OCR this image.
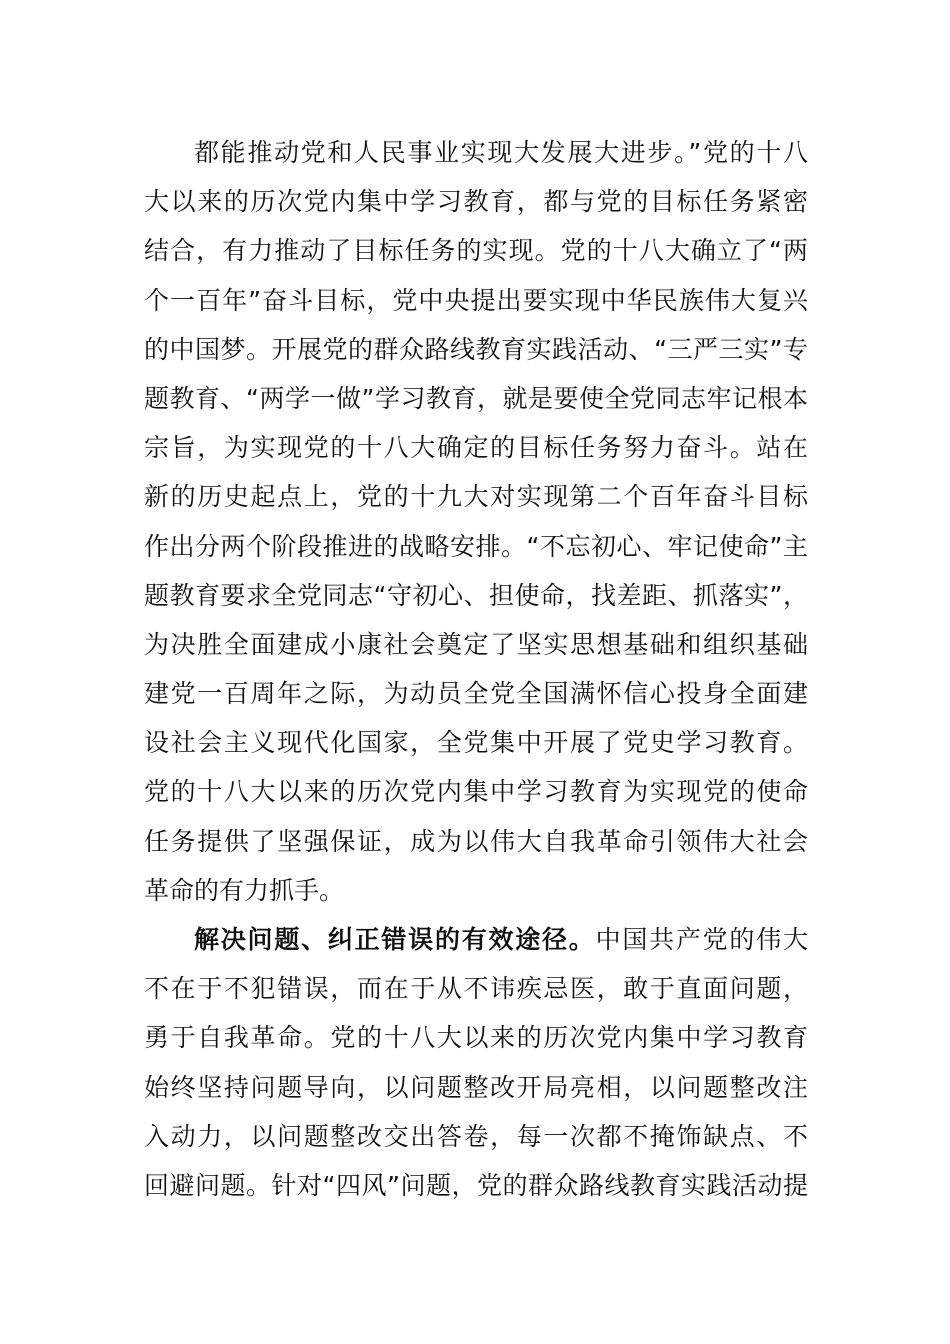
都能推动党和人民事业实现大发展大进步。”党的十八
大以来的历次党内集中学习教育，都与党的目标任务紧密
结合，有力推动了目标任务的实现。党的十八大确立了“两
个一百年”奋斗目标，党中央提出要实现中华民族伟大复兴
的中国梦。开展党的群众路线教育实践活动、“三严三实”专
题教育、“两学一做”学习教育，就是要使全党同志牢记根本
宗旨，为实现党的十八大确定的目标任务努力奋斗。站在
新的历史起点上，党的十九大对实现第二个百年奋斗目标
作出分两个阶段推进的战略安排。“不忘初心、牢记使命”主
题教育要求全党同志“守初心、担使命，找差距、抓落实”，
为决胜全面建成小康社会奠定了坚实思想基础和组织基础
建党一百周年之际，为动员全党全国满怀信心投身全面建
设社会主义现代化国家，全党集中开展了党史学习教育。
党的十八大以来的历次党内集中学习教育为实现党的使命
任务提供了坚强保证，成为以伟大自我革命引领伟大社会
革命的有力抓手。
解决问题、纠正错误的有效途径。中国共产党的伟大
不在于不犯错误，而在于从不讳疾忌医，敢于直面问题，
勇于自我革命。党的十八大以来的历次党内集中学习教育
始终坚持问题导向，以问题整改开局亮相，以问题整改注
入动力，以问题整改交出答卷，每一次都不掩饰缺点、不
回避问题。针对“四风”问题，党的群众路线教育实践活动提
